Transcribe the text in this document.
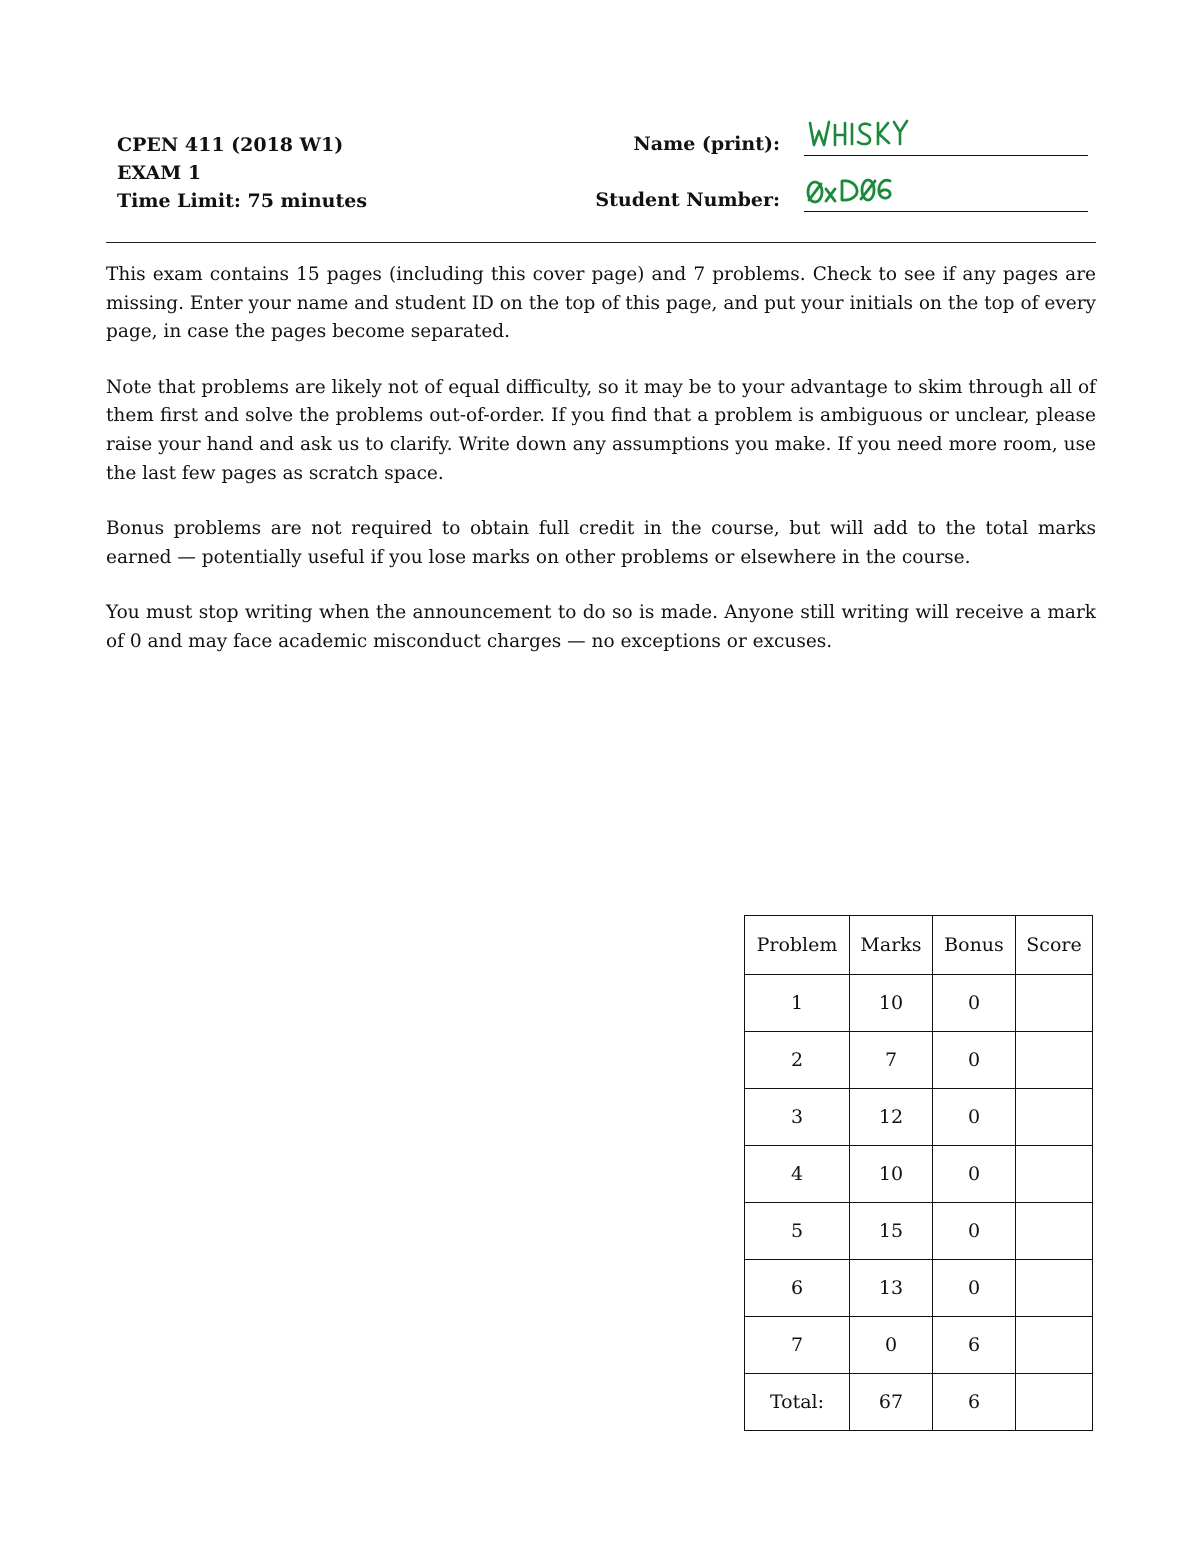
CPEN 411 (2018 W1)
EXAM 1
Time Limit: 75 minutes
Name (print):
Student Number:

This exam contains 15 pages (including this cover page) and 7 problems. Check to see if any pages are missing. Enter your name and student ID on the top of this page, and put your initials on the top of every page, in case the pages become separated.

Note that problems are likely not of equal difficulty, so it may be to your advantage to skim through all of them first and solve the problems out-of-order. If you find that a problem is ambiguous or unclear, please raise your hand and ask us to clarify. Write down any assumptions you make. If you need more room, use the last few pages as scratch space.

Bonus problems are not required to obtain full credit in the course, but will add to the total marks earned — potentially useful if you lose marks on other problems or elsewhere in the course.

You must stop writing when the announcement to do so is made. Anyone still writing will receive a mark of 0 and may face academic misconduct charges — no exceptions or excuses.

Problem	Marks	Bonus	Score
1	10	0	
2	7	0	
3	12	0	
4	10	0	
5	15	0	
6	13	0	
7	0	6	
Total:	67	6	
